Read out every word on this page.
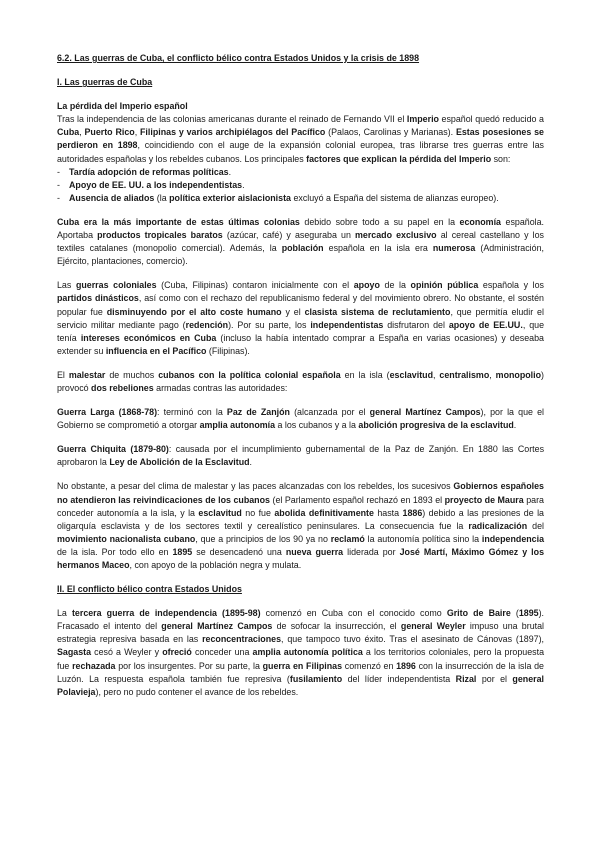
6.2. Las guerras de Cuba, el conflicto bélico contra Estados Unidos y la crisis de 1898

I. Las guerras de Cuba

La pérdida del Imperio español

Tras la independencia de las colonias americanas durante el reinado de Fernando VII el Imperio español quedó reducido a Cuba, Puerto Rico, Filipinas y varios archipiélagos del Pacífico (Palaos, Carolinas y Marianas). Estas posesiones se perdieron en 1898, coincidiendo con el auge de la expansión colonial europea, tras librarse tres guerras entre las autoridades españolas y los rebeldes cubanos. Los principales factores que explican la pérdida del Imperio son:

- Tardía adopción de reformas políticas.
- Apoyo de EE. UU. a los independentistas.
- Ausencia de aliados (la política exterior aislacionista excluyó a España del sistema de alianzas europeo).

Cuba era la más importante de estas últimas colonias debido sobre todo a su papel en la economía española. Aportaba productos tropicales baratos (azúcar, café) y aseguraba un mercado exclusivo al cereal castellano y los textiles catalanes (monopolio comercial). Además, la población española en la isla era numerosa (Administración, Ejército, plantaciones, comercio).

Las guerras coloniales (Cuba, Filipinas) contaron inicialmente con el apoyo de la opinión pública española y los partidos dinásticos, así como con el rechazo del republicanismo federal y del movimiento obrero. No obstante, el sostén popular fue disminuyendo por el alto coste humano y el clasista sistema de reclutamiento, que permitía eludir el servicio militar mediante pago (redención). Por su parte, los independentistas disfrutaron del apoyo de EE.UU., que tenía intereses económicos en Cuba (incluso la había intentado comprar a España en varias ocasiones) y deseaba extender su influencia en el Pacífico (Filipinas).

El malestar de muchos cubanos con la política colonial española en la isla (esclavitud, centralismo, monopolio) provocó dos rebeliones armadas contras las autoridades:

Guerra Larga (1868-78): terminó con la Paz de Zanjón (alcanzada por el general Martínez Campos), por la que el Gobierno se comprometió a otorgar amplia autonomía a los cubanos y a la abolición progresiva de la esclavitud.

Guerra Chiquita (1879-80): causada por el incumplimiento gubernamental de la Paz de Zanjón. En 1880 las Cortes aprobaron la Ley de Abolición de la Esclavitud.

No obstante, a pesar del clima de malestar y las paces alcanzadas con los rebeldes, los sucesivos Gobiernos españoles no atendieron las reivindicaciones de los cubanos (el Parlamento español rechazó en 1893 el proyecto de Maura para conceder autonomía a la isla, y la esclavitud no fue abolida definitivamente hasta 1886) debido a las presiones de la oligarquía esclavista y de los sectores textil y cerealístico peninsulares. La consecuencia fue la radicalización del movimiento nacionalista cubano, que a principios de los 90 ya no reclamó la autonomía política sino la independencia de la isla. Por todo ello en 1895 se desencadenó una nueva guerra liderada por José Martí, Máximo Gómez y los hermanos Maceo, con apoyo de la población negra y mulata.

II. El conflicto bélico contra Estados Unidos

La tercera guerra de independencia (1895-98) comenzó en Cuba con el conocido como Grito de Baire (1895). Fracasado el intento del general Martínez Campos de sofocar la insurrección, el general Weyler impuso una brutal estrategia represiva basada en las reconcentraciones, que tampoco tuvo éxito. Tras el asesinato de Cánovas (1897), Sagasta cesó a Weyler y ofreció conceder una amplia autonomía política a los territorios coloniales, pero la propuesta fue rechazada por los insurgentes. Por su parte, la guerra en Filipinas comenzó en 1896 con la insurrección de la isla de Luzón. La respuesta española también fue represiva (fusilamiento del líder independentista Rizal por el general Polavieja), pero no pudo contener el avance de los rebeldes.
